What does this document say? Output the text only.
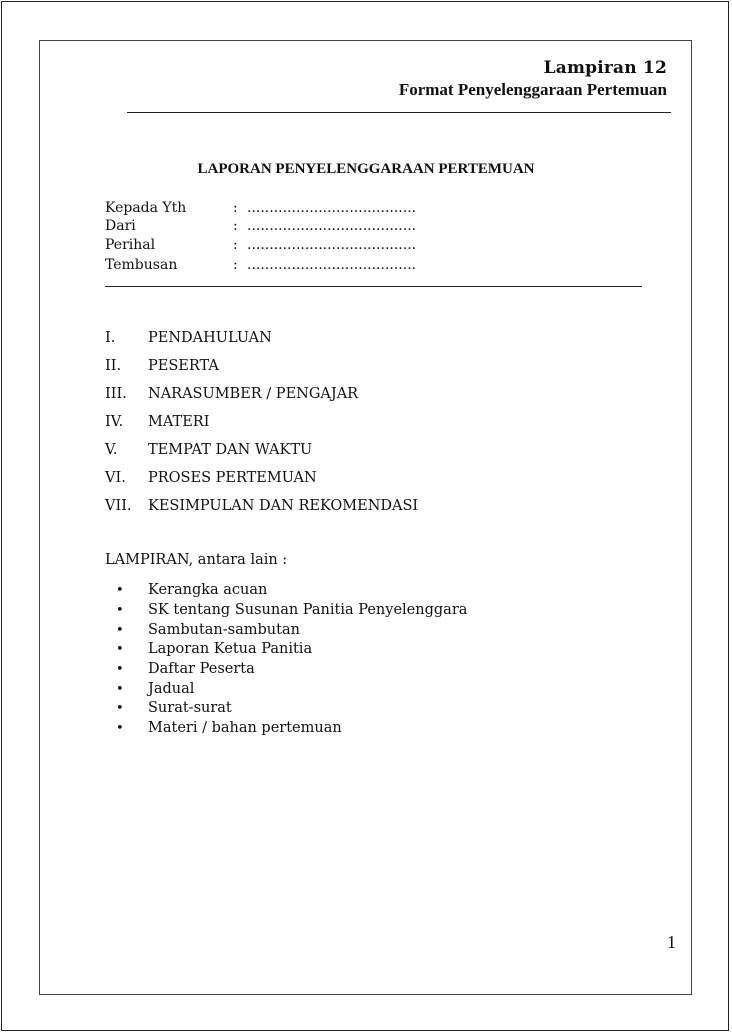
Lampiran 12
Format Penyelenggaraan Pertemuan
LAPORAN PENYELENGGARAAN PERTEMUAN
Kepada Yth	: ......................................
Dari	: ......................................
Perihal	: ......................................
Tembusan	: ......................................
I. PENDAHULUAN
II. PESERTA
III. NARASUMBER / PENGAJAR
IV. MATERI
V. TEMPAT DAN WAKTU
VI. PROSES PERTEMUAN
VII. KESIMPULAN DAN REKOMENDASI
LAMPIRAN, antara lain :
• Kerangka acuan
• SK tentang Susunan Panitia Penyelenggara
• Sambutan-sambutan
• Laporan Ketua Panitia
• Daftar Peserta
• Jadual
• Surat-surat
• Materi / bahan pertemuan
1
